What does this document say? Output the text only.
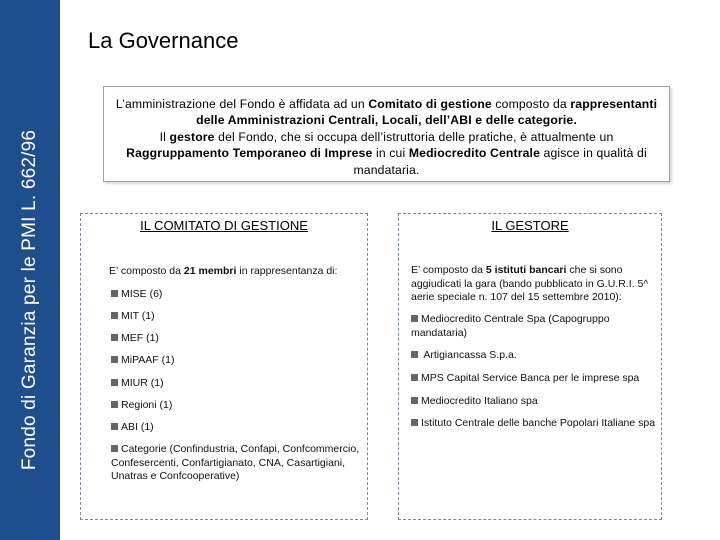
Fondo di Garanzia per le PMI L. 662/96
La Governance
L’amministrazione del Fondo è affidata ad un Comitato di gestione composto da rappresentanti delle Amministrazioni Centrali, Locali, dell’ABI e delle categorie.
Il gestore del Fondo, che si occupa dell’istruttoria delle pratiche, è attualmente un Raggruppamento Temporaneo di Imprese in cui Mediocredito Centrale agisce in qualità di mandataria.
IL COMITATO DI GESTIONE
E’ composto da 21 membri in rappresentanza di:
MISE (6)
MIT (1)
MEF (1)
MiPAAF (1)
MIUR (1)
Regioni (1)
ABI (1)
Categorie (Confindustria, Confapi, Confcommercio, Confesercenti, Confartigianato, CNA, Casartigiani, Unatras e Confcooperative)
IL GESTORE
E’ composto da 5 istituti bancari che si sono aggiudicati la gara (bando pubblicato in G.U.R.I. 5^ aerie speciale n. 107 del 15 settembre 2010):
Mediocredito Centrale Spa (Capogruppo mandataria)
Artigiancassa S.p.a.
MPS Capital Service Banca per le imprese spa
Mediocredito Italiano spa
Istituto Centrale delle banche Popolari Italiane spa
